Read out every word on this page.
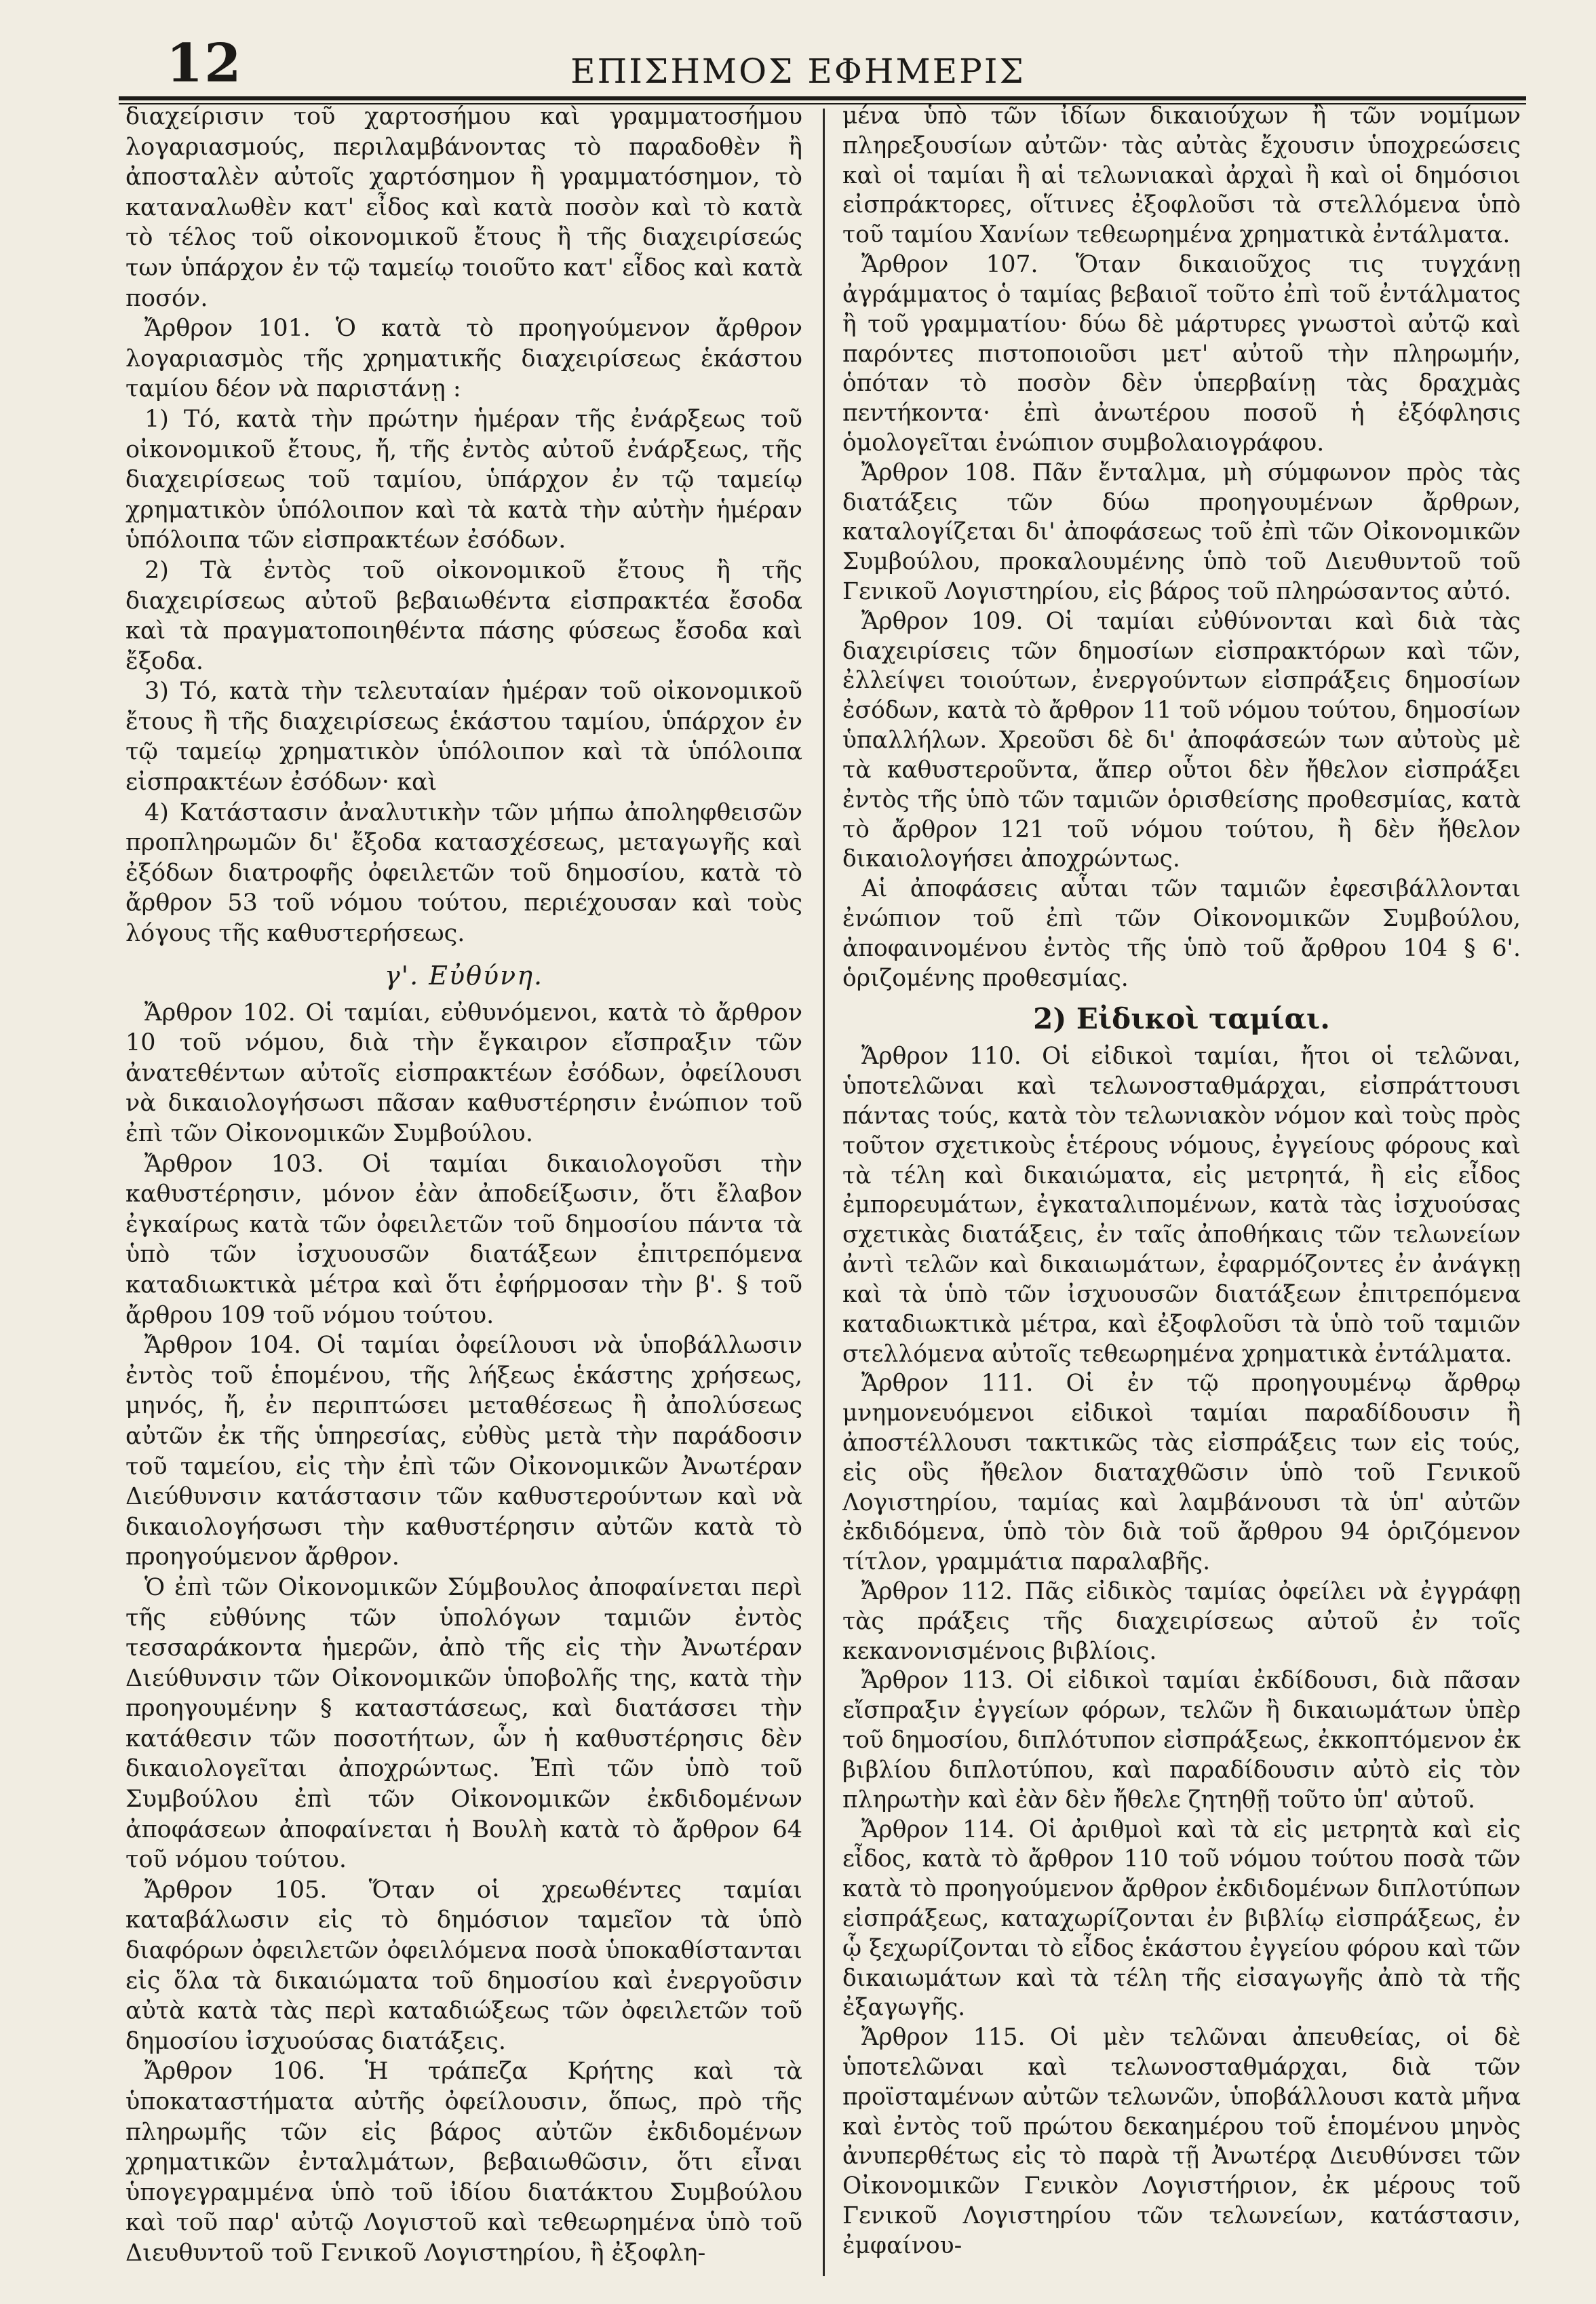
12	ΕΠΙΣΗΜΟΣ ΕΦΗΜΕΡΙΣ

διαχείρισιν τοῦ χαρτοσήμου καὶ γραμματοσήμου λογαριασμούς, περιλαμβάνοντας τὸ παραδοθὲν ἢ ἀποσταλὲν αὐτοῖς χαρτόσημον ἢ γραμματόσημον, τὸ καταναλωθὲν κατ' εἶδος καὶ κατὰ ποσὸν καὶ τὸ κατὰ τὸ τέλος τοῦ οἰκονομικοῦ ἔτους ἢ τῆς διαχειρίσεώς των ὑπάρχον ἐν τῷ ταμείῳ τοιοῦτο κατ' εἶδος καὶ κατὰ ποσόν.

Ἄρθρον 101. Ὁ κατὰ τὸ προηγούμενον ἄρθρον λογαριασμὸς τῆς χρηματικῆς διαχειρίσεως ἑκάστου ταμίου δέον νὰ παριστάνῃ :

1) Τό, κατὰ τὴν πρώτην ἡμέραν τῆς ἐνάρξεως τοῦ οἰκονομικοῦ ἔτους, ἤ, τῆς ἐντὸς αὐτοῦ ἐνάρξεως, τῆς διαχειρίσεως τοῦ ταμίου, ὑπάρχον ἐν τῷ ταμείῳ χρηματικὸν ὑπόλοιπον καὶ τὰ κατὰ τὴν αὐτὴν ἡμέραν ὑπόλοιπα τῶν εἰσπρακτέων ἐσόδων.

2) Τὰ ἐντὸς τοῦ οἰκονομικοῦ ἔτους ἢ τῆς διαχειρίσεως αὐτοῦ βεβαιωθέντα εἰσπρακτέα ἔσοδα καὶ τὰ πραγματοποιηθέντα πάσης φύσεως ἔσοδα καὶ ἔξοδα.

3) Τό, κατὰ τὴν τελευταίαν ἡμέραν τοῦ οἰκονομικοῦ ἔτους ἢ τῆς διαχειρίσεως ἑκάστου ταμίου, ὑπάρχον ἐν τῷ ταμείῳ χρηματικὸν ὑπόλοιπον καὶ τὰ ὑπόλοιπα εἰσπρακτέων ἐσόδων· καὶ

4) Κατάστασιν ἀναλυτικὴν τῶν μήπω ἀποληφθεισῶν προπληρωμῶν δι' ἔξοδα κατασχέσεως, μεταγωγῆς καὶ ἐξόδων διατροφῆς ὀφειλετῶν τοῦ δημοσίου, κατὰ τὸ ἄρθρον 53 τοῦ νόμου τούτου, περιέχουσαν καὶ τοὺς λόγους τῆς καθυστερήσεως.

γ'. Εὐθύνη.

Ἄρθρον 102. Οἱ ταμίαι, εὐθυνόμενοι, κατὰ τὸ ἄρθρον 10 τοῦ νόμου, διὰ τὴν ἔγκαιρον εἴσπραξιν τῶν ἀνατεθέντων αὐτοῖς εἰσπρακτέων ἐσόδων, ὀφείλουσι νὰ δικαιολογήσωσι πᾶσαν καθυστέρησιν ἐνώπιον τοῦ ἐπὶ τῶν Οἰκονομικῶν Συμβούλου.

Ἄρθρον 103. Οἱ ταμίαι δικαιολογοῦσι τὴν καθυστέρησιν, μόνον ἐὰν ἀποδείξωσιν, ὅτι ἔλαβον ἐγκαίρως κατὰ τῶν ὀφειλετῶν τοῦ δημοσίου πάντα τὰ ὑπὸ τῶν ἰσχυουσῶν διατάξεων ἐπιτρεπόμενα καταδιωκτικὰ μέτρα καὶ ὅτι ἐφήρμοσαν τὴν β'. § τοῦ ἄρθρου 109 τοῦ νόμου τούτου.

Ἄρθρον 104. Οἱ ταμίαι ὀφείλουσι νὰ ὑποβάλλωσιν ἐντὸς τοῦ ἑπομένου, τῆς λήξεως ἑκάστης χρήσεως, μηνός, ἤ, ἐν περιπτώσει μεταθέσεως ἢ ἀπολύσεως αὐτῶν ἐκ τῆς ὑπηρεσίας, εὐθὺς μετὰ τὴν παράδοσιν τοῦ ταμείου, εἰς τὴν ἐπὶ τῶν Οἰκονομικῶν Ἀνωτέραν Διεύθυνσιν κατάστασιν τῶν καθυστερούντων καὶ νὰ δικαιολογήσωσι τὴν καθυστέρησιν αὐτῶν κατὰ τὸ προηγούμενον ἄρθρον.

Ὁ ἐπὶ τῶν Οἰκονομικῶν Σύμβουλος ἀποφαίνεται περὶ τῆς εὐθύνης τῶν ὑπολόγων ταμιῶν ἐντὸς τεσσαράκοντα ἡμερῶν, ἀπὸ τῆς εἰς τὴν Ἀνωτέραν Διεύθυνσιν τῶν Οἰκονομικῶν ὑποβολῆς της, κατὰ τὴν προηγουμένην § καταστάσεως, καὶ διατάσσει τὴν κατάθεσιν τῶν ποσοτήτων, ὧν ἡ καθυστέρησις δὲν δικαιολογεῖται ἀποχρώντως. Ἐπὶ τῶν ὑπὸ τοῦ Συμβούλου ἐπὶ τῶν Οἰκονομικῶν ἐκδιδομένων ἀποφάσεων ἀποφαίνεται ἡ Βουλὴ κατὰ τὸ ἄρθρον 64 τοῦ νόμου τούτου.

Ἄρθρον 105. Ὅταν οἱ χρεωθέντες ταμίαι καταβάλωσιν εἰς τὸ δημόσιον ταμεῖον τὰ ὑπὸ διαφόρων ὀφειλετῶν ὀφειλόμενα ποσὰ ὑποκαθίστανται εἰς ὅλα τὰ δικαιώματα τοῦ δημοσίου καὶ ἐνεργοῦσιν αὐτὰ κατὰ τὰς περὶ καταδιώξεως τῶν ὀφειλετῶν τοῦ δημοσίου ἰσχυούσας διατάξεις.

Ἄρθρον 106. Ἡ τράπεζα Κρήτης καὶ τὰ ὑποκαταστήματα αὐτῆς ὀφείλουσιν, ὅπως, πρὸ τῆς πληρωμῆς τῶν εἰς βάρος αὐτῶν ἐκδιδομένων χρηματικῶν ἐνταλμάτων, βεβαιωθῶσιν, ὅτι εἶναι ὑπογεγραμμένα ὑπὸ τοῦ ἰδίου διατάκτου Συμβούλου καὶ τοῦ παρ' αὐτῷ Λογιστοῦ καὶ τεθεωρημένα ὑπὸ τοῦ Διευθυντοῦ τοῦ Γενικοῦ Λογιστηρίου, ἢ ἐξοφλη-

μένα ὑπὸ τῶν ἰδίων δικαιούχων ἢ τῶν νομίμων πληρεξουσίων αὐτῶν· τὰς αὐτὰς ἔχουσιν ὑποχρεώσεις καὶ οἱ ταμίαι ἢ αἱ τελωνιακαὶ ἀρχαὶ ἢ καὶ οἱ δημόσιοι εἰσπράκτορες, οἵτινες ἐξοφλοῦσι τὰ στελλόμενα ὑπὸ τοῦ ταμίου Χανίων τεθεωρημένα χρηματικὰ ἐντάλματα.

Ἄρθρον 107. Ὅταν δικαιοῦχος τις τυγχάνῃ ἀγράμματος ὁ ταμίας βεβαιοῖ τοῦτο ἐπὶ τοῦ ἐντάλματος ἢ τοῦ γραμματίου· δύω δὲ μάρτυρες γνωστοὶ αὐτῷ καὶ παρόντες πιστοποιοῦσι μετ' αὐτοῦ τὴν πληρωμήν, ὁπόταν τὸ ποσὸν δὲν ὑπερβαίνῃ τὰς δραχμὰς πεντήκοντα· ἐπὶ ἀνωτέρου ποσοῦ ἡ ἐξόφλησις ὁμολογεῖται ἐνώπιον συμβολαιογράφου.

Ἄρθρον 108. Πᾶν ἔνταλμα, μὴ σύμφωνον πρὸς τὰς διατάξεις τῶν δύω προηγουμένων ἄρθρων, καταλογίζεται δι' ἀποφάσεως τοῦ ἐπὶ τῶν Οἰκονομικῶν Συμβούλου, προκαλουμένης ὑπὸ τοῦ Διευθυντοῦ τοῦ Γενικοῦ Λογιστηρίου, εἰς βάρος τοῦ πληρώσαντος αὐτό.

Ἄρθρον 109. Οἱ ταμίαι εὐθύνονται καὶ διὰ τὰς διαχειρίσεις τῶν δημοσίων εἰσπρακτόρων καὶ τῶν, ἐλλείψει τοιούτων, ἐνεργούντων εἰσπράξεις δημοσίων ἐσόδων, κατὰ τὸ ἄρθρον 11 τοῦ νόμου τούτου, δημοσίων ὑπαλλήλων. Χρεοῦσι δὲ δι' ἀποφάσεών των αὐτοὺς μὲ τὰ καθυστεροῦντα, ἅπερ οὗτοι δὲν ἤθελον εἰσπράξει ἐντὸς τῆς ὑπὸ τῶν ταμιῶν ὁρισθείσης προθεσμίας, κατὰ τὸ ἄρθρον 121 τοῦ νόμου τούτου, ἢ δὲν ἤθελον δικαιολογήσει ἀποχρώντως.

Αἱ ἀποφάσεις αὗται τῶν ταμιῶν ἐφεσιβάλλονται ἐνώπιον τοῦ ἐπὶ τῶν Οἰκονομικῶν Συμβούλου, ἀποφαινομένου ἐντὸς τῆς ὑπὸ τοῦ ἄρθρου 104 § 6'. ὁριζομένης προθεσμίας.

2) Εἰδικοὶ ταμίαι.

Ἄρθρον 110. Οἱ εἰδικοὶ ταμίαι, ἤτοι οἱ τελῶναι, ὑποτελῶναι καὶ τελωνοσταθμάρχαι, εἰσπράττουσι πάντας τούς, κατὰ τὸν τελωνιακὸν νόμον καὶ τοὺς πρὸς τοῦτον σχετικοὺς ἑτέρους νόμους, ἐγγείους φόρους καὶ τὰ τέλη καὶ δικαιώματα, εἰς μετρητά, ἢ εἰς εἶδος ἐμπορευμάτων, ἐγκαταλιπομένων, κατὰ τὰς ἰσχυούσας σχετικὰς διατάξεις, ἐν ταῖς ἀποθήκαις τῶν τελωνείων ἀντὶ τελῶν καὶ δικαιωμάτων, ἐφαρμόζοντες ἐν ἀνάγκῃ καὶ τὰ ὑπὸ τῶν ἰσχυουσῶν διατάξεων ἐπιτρεπόμενα καταδιωκτικὰ μέτρα, καὶ ἐξοφλοῦσι τὰ ὑπὸ τοῦ ταμιῶν στελλόμενα αὐτοῖς τεθεωρημένα χρηματικὰ ἐντάλματα.

Ἄρθρον 111. Οἱ ἐν τῷ προηγουμένῳ ἄρθρῳ μνημονευόμενοι εἰδικοὶ ταμίαι παραδίδουσιν ἢ ἀποστέλλουσι τακτικῶς τὰς εἰσπράξεις των εἰς τούς, εἰς οὓς ἤθελον διαταχθῶσιν ὑπὸ τοῦ Γενικοῦ Λογιστηρίου, ταμίας καὶ λαμβάνουσι τὰ ὑπ' αὐτῶν ἐκδιδόμενα, ὑπὸ τὸν διὰ τοῦ ἄρθρου 94 ὁριζόμενον τίτλον, γραμμάτια παραλαβῆς.

Ἄρθρον 112. Πᾶς εἰδικὸς ταμίας ὀφείλει νὰ ἐγγράφῃ τὰς πράξεις τῆς διαχειρίσεως αὐτοῦ ἐν τοῖς κεκανονισμένοις βιβλίοις.

Ἄρθρον 113. Οἱ εἰδικοὶ ταμίαι ἐκδίδουσι, διὰ πᾶσαν εἴσπραξιν ἐγγείων φόρων, τελῶν ἢ δικαιωμάτων ὑπὲρ τοῦ δημοσίου, διπλότυπον εἰσπράξεως, ἐκκοπτόμενον ἐκ βιβλίου διπλοτύπου, καὶ παραδίδουσιν αὐτὸ εἰς τὸν πληρωτὴν καὶ ἐὰν δὲν ἤθελε ζητηθῇ τοῦτο ὑπ' αὐτοῦ.

Ἄρθρον 114. Οἱ ἀριθμοὶ καὶ τὰ εἰς μετρητὰ καὶ εἰς εἶδος, κατὰ τὸ ἄρθρον 110 τοῦ νόμου τούτου ποσὰ τῶν κατὰ τὸ προηγούμενον ἄρθρον ἐκδιδομένων διπλοτύπων εἰσπράξεως, καταχωρίζονται ἐν βιβλίῳ εἰσπράξεως, ἐν ᾧ ξεχωρίζονται τὸ εἶδος ἑκάστου ἐγγείου φόρου καὶ τῶν δικαιωμάτων καὶ τὰ τέλη τῆς εἰσαγωγῆς ἀπὸ τὰ τῆς ἐξαγωγῆς.

Ἄρθρον 115. Οἱ μὲν τελῶναι ἀπευθείας, οἱ δὲ ὑποτελῶναι καὶ τελωνοσταθμάρχαι, διὰ τῶν προϊσταμένων αὐτῶν τελωνῶν, ὑποβάλλουσι κατὰ μῆνα καὶ ἐντὸς τοῦ πρώτου δεκαημέρου τοῦ ἑπομένου μηνὸς ἀνυπερθέτως εἰς τὸ παρὰ τῇ Ἀνωτέρᾳ Διευθύνσει τῶν Οἰκονομικῶν Γενικὸν Λογιστήριον, ἐκ μέρους τοῦ Γενικοῦ Λογιστηρίου τῶν τελωνείων, κατάστασιν, ἐμφαίνου-
